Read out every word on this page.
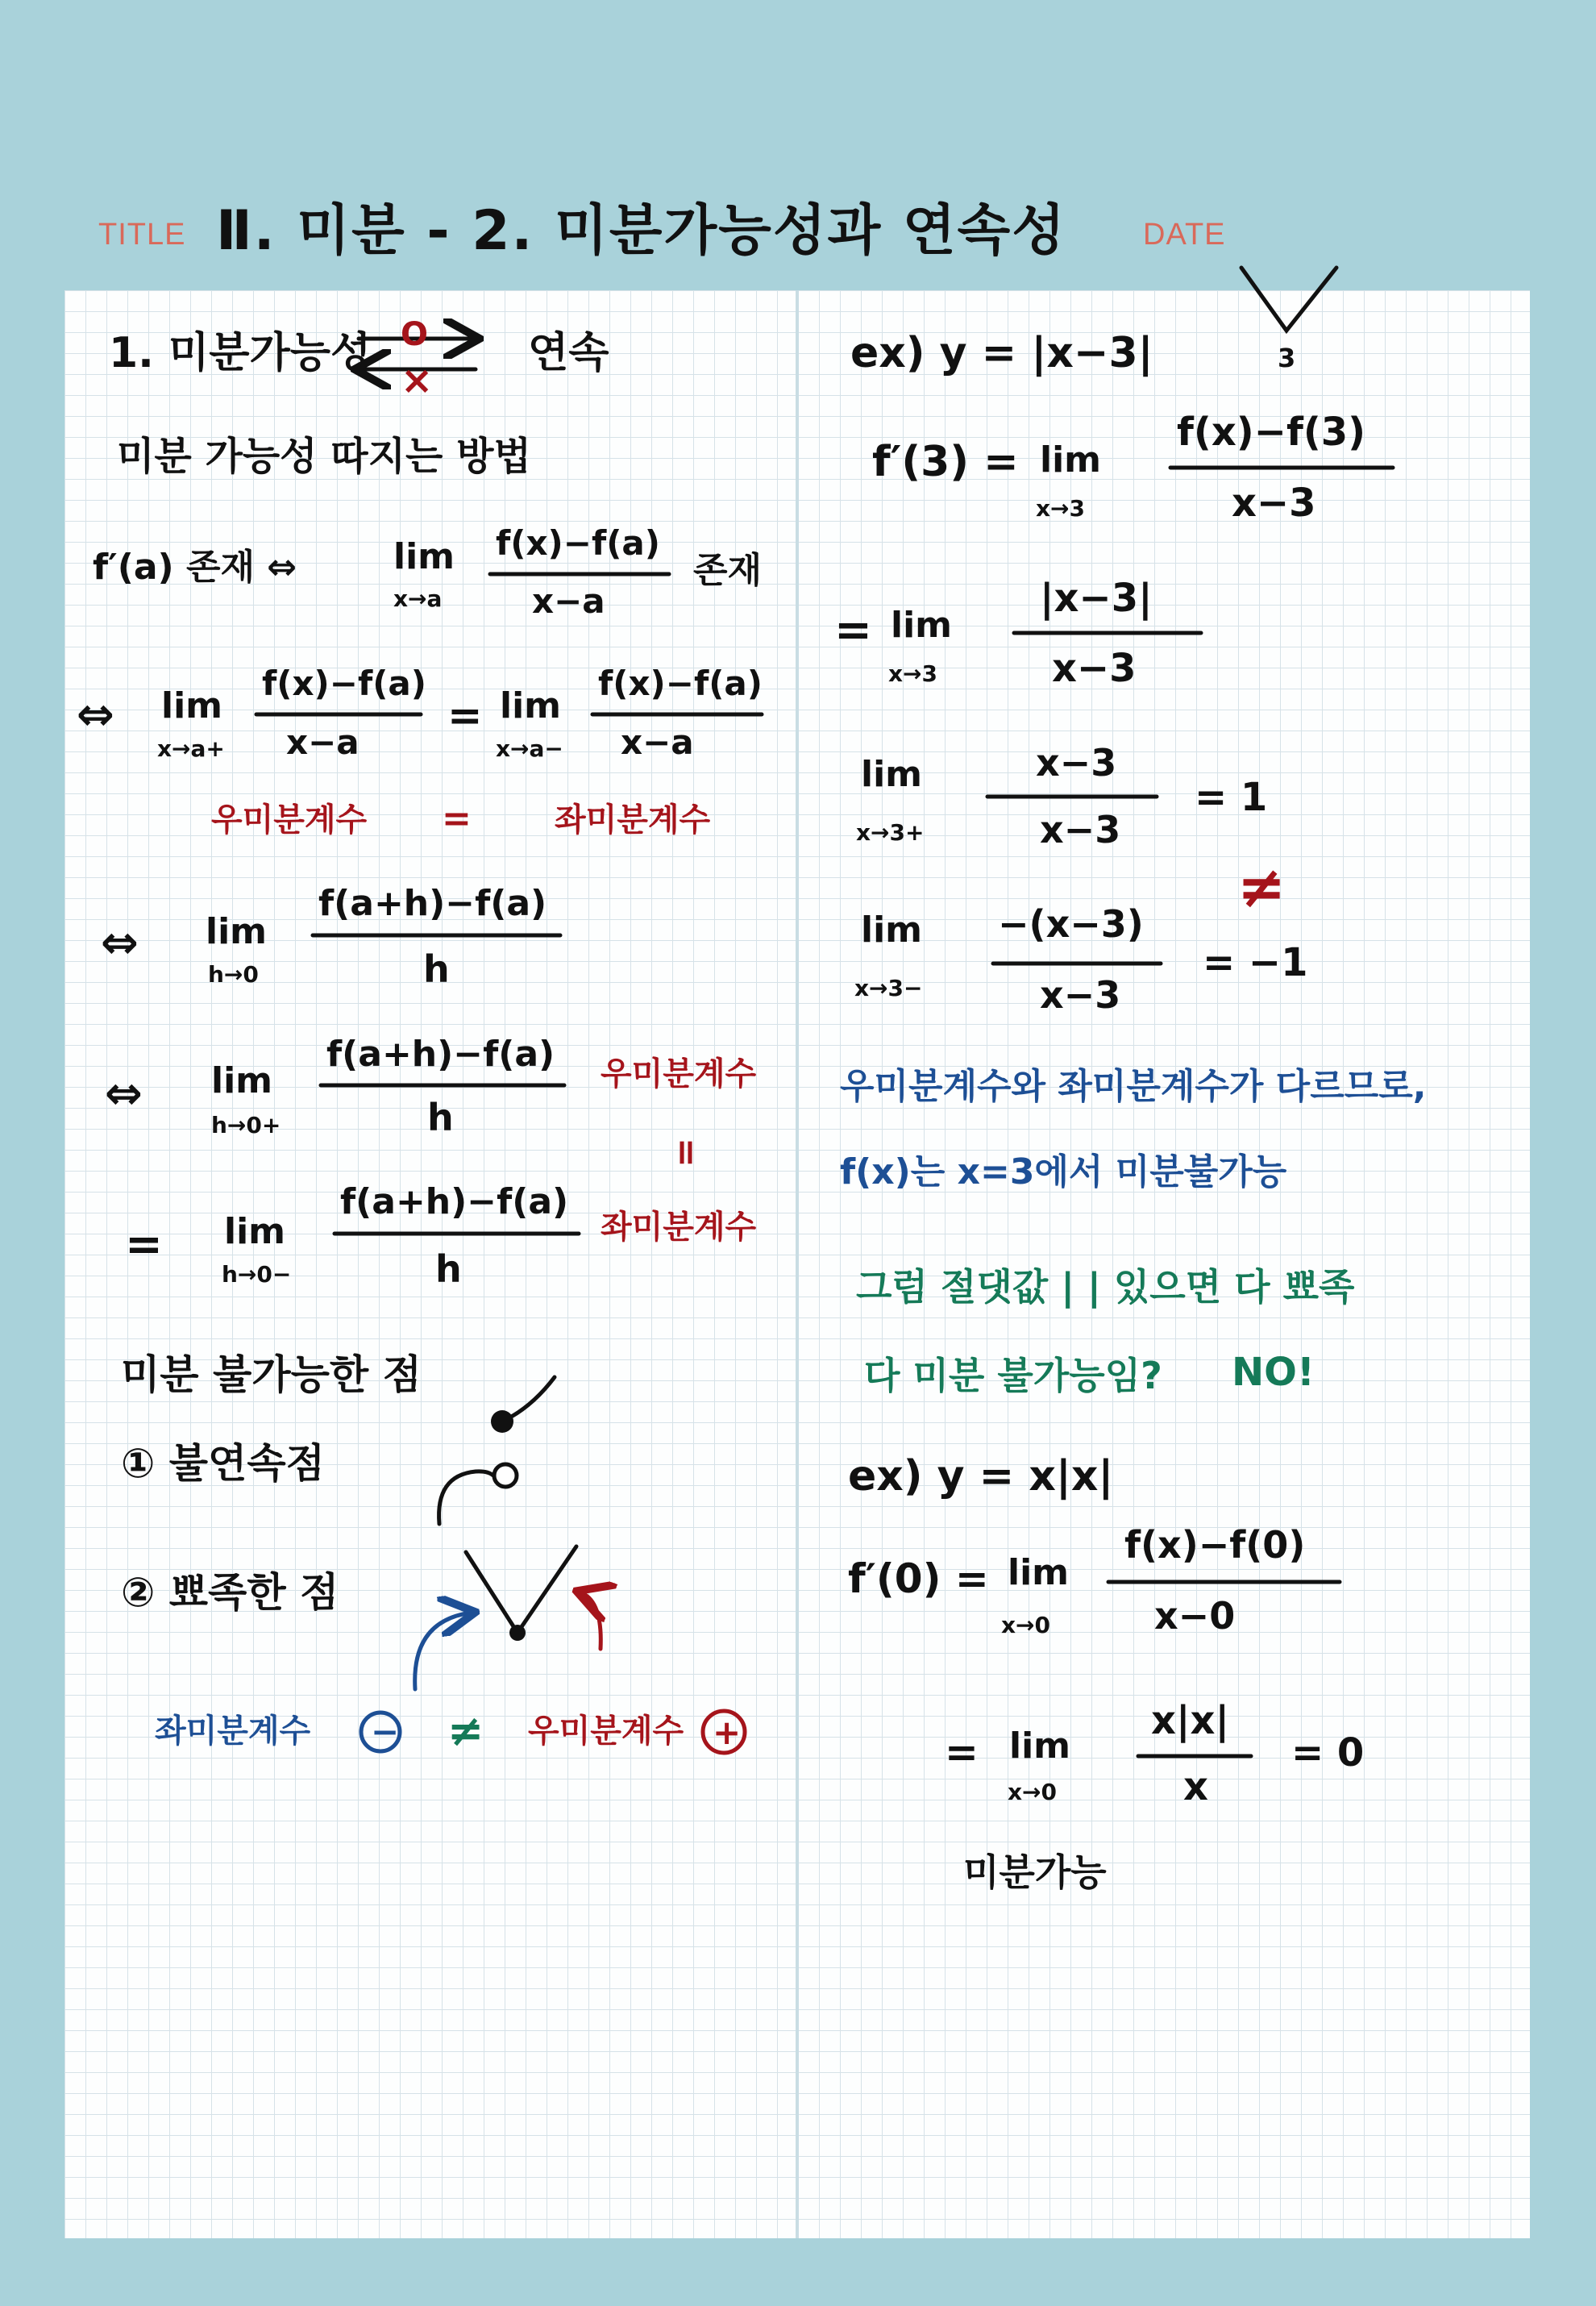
TITLE Ⅱ. 미분 - 2. 미분가능성과 연속성	DATE
1. 미분가능성 O
×
연속
미분 가능성 따지는 방법
f′(a) 존재 ⇔	lim
x→a
f(x)−f(a)
x−a
존재
⇔ lim
x→a+
f(x)−f(a)
x−a
= lim
x→a−
f(x)−f(a)
x−a
우미분계수 =	좌미분계수
⇔ lim
h→0
f(a+h)−f(a)
h
⇔ lim
h→0+
f(a+h)−f(a)
h
우미분계수
=
= lim
h→0−
f(a+h)−f(a)
h
좌미분계수
미분 불가능한 점
① 불연속점
② 뾰족한 점
좌미분계수 − ≠ 우미분계수 +
ex) y = |x−3|	3
f′(3) = lim
x→3
f(x)−f(3)
x−3
= lim
x→3
|x−3|
x−3
lim
x→3+
x−3
x−3
= 1
≠
lim
x→3−
−(x−3)
x−3
= −1
우미분계수와 좌미분계수가 다르므로,
f(x)는 x=3에서 미분불가능
그럼 절댓값 | | 있으면 다 뾰족
다 미분 불가능임? NO!
ex) y = x|x|
f′(0) = lim
x→0
f(x)−f(0)
x−0
= lim
x→0
x|x|
x
= 0
미분가능
